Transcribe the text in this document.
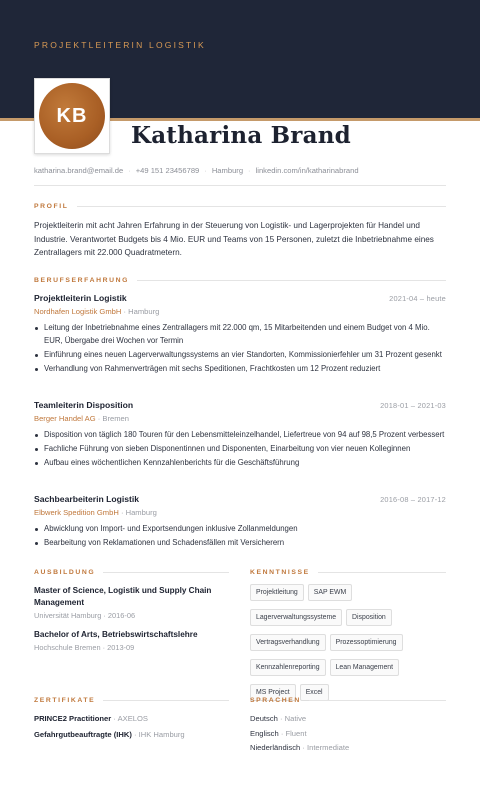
PROJEKTLEITERIN LOGISTIK
KB
Katharina Brand
katharina.brand@email.de · +49 151 23456789 · Hamburg · linkedin.com/in/katharinabrand
PROFIL
Projektleiterin mit acht Jahren Erfahrung in der Steuerung von Logistik- und Lagerprojekten für Handel und Industrie. Verantwortet Budgets bis 4 Mio. EUR und Teams von 15 Personen, zuletzt die Inbetriebnahme eines Zentrallagers mit 22.000 Quadratmetern.
BERUFSERFAHRUNG
Projektleiterin Logistik	2021-04 – heute
Nordhafen Logistik GmbH · Hamburg
Leitung der Inbetriebnahme eines Zentrallagers mit 22.000 qm, 15 Mitarbeitenden und einem Budget von 4 Mio. EUR, Übergabe drei Wochen vor Termin
Einführung eines neuen Lagerverwaltungssystems an vier Standorten, Kommissionierfehler um 31 Prozent gesenkt
Verhandlung von Rahmenverträgen mit sechs Speditionen, Frachtkosten um 12 Prozent reduziert
Teamleiterin Disposition	2018-01 – 2021-03
Berger Handel AG · Bremen
Disposition von täglich 180 Touren für den Lebensmitteleinzelhandel, Liefertreue von 94 auf 98,5 Prozent verbessert
Fachliche Führung von sieben Disponentinnen und Disponenten, Einarbeitung von vier neuen Kolleginnen
Aufbau eines wöchentlichen Kennzahlenberichts für die Geschäftsführung
Sachbearbeiterin Logistik	2016-08 – 2017-12
Elbwerk Spedition GmbH · Hamburg
Abwicklung von Import- und Exportsendungen inklusive Zollanmeldungen
Bearbeitung von Reklamationen und Schadensfällen mit Versicherern
AUSBILDUNG
Master of Science, Logistik und Supply Chain Management
Universität Hamburg · 2016-06
Bachelor of Arts, Betriebswirtschaftslehre
Hochschule Bremen · 2013-09
KENNTNISSE
Projektleitung	SAP EWM
Lagerverwaltungssysteme	Disposition
Vertragsverhandlung	Prozessoptimierung
Kennzahlenreporting	Lean Management
MS Project	Excel
ZERTIFIKATE
PRINCE2 Practitioner · AXELOS
Gefahrgutbeauftragte (IHK) · IHK Hamburg
SPRACHEN
Deutsch · Native
Englisch · Fluent
Niederländisch · Intermediate
